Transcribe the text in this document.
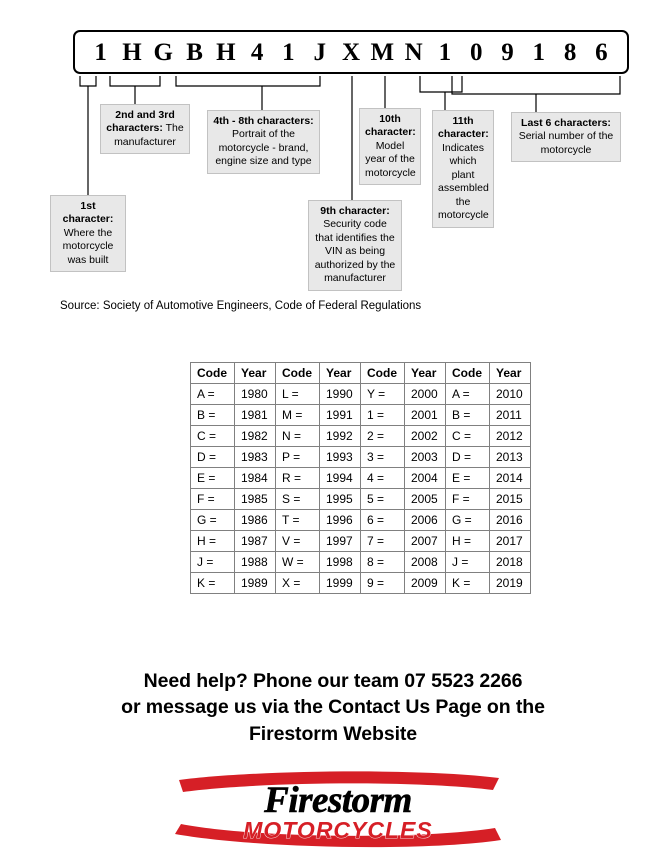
1 H G B H 4 1 J X M N 1 0 9 1 8 6
1st character: Where the motorcycle was built
2nd and 3rd characters: The manufacturer
4th - 8th characters: Portrait of the motorcycle - brand, engine size and type
9th character: Security code that identifies the VIN as being authorized by the manufacturer
10th character: Model year of the motorcycle
11th character: Indicates which plant assembled the motorcycle
Last 6 characters: Serial number of the motorcycle
Source: Society of Automotive Engineers, Code of Federal Regulations
Code	Year	Code	Year	Code	Year	Code	Year
A =	1980	L =	1990	Y =	2000	A =	2010
B =	1981	M =	1991	1 =	2001	B =	2011
C =	1982	N =	1992	2 =	2002	C =	2012
D =	1983	P =	1993	3 =	2003	D =	2013
E =	1984	R =	1994	4 =	2004	E =	2014
F =	1985	S =	1995	5 =	2005	F =	2015
G =	1986	T =	1996	6 =	2006	G =	2016
H =	1987	V =	1997	7 =	2007	H =	2017
J =	1988	W =	1998	8 =	2008	J =	2018
K =	1989	X =	1999	9 =	2009	K =	2019
Need help? Phone our team 07 5523 2266
or message us via the Contact Us Page on the
Firestorm Website
Firestorm
MOTORCYCLES
